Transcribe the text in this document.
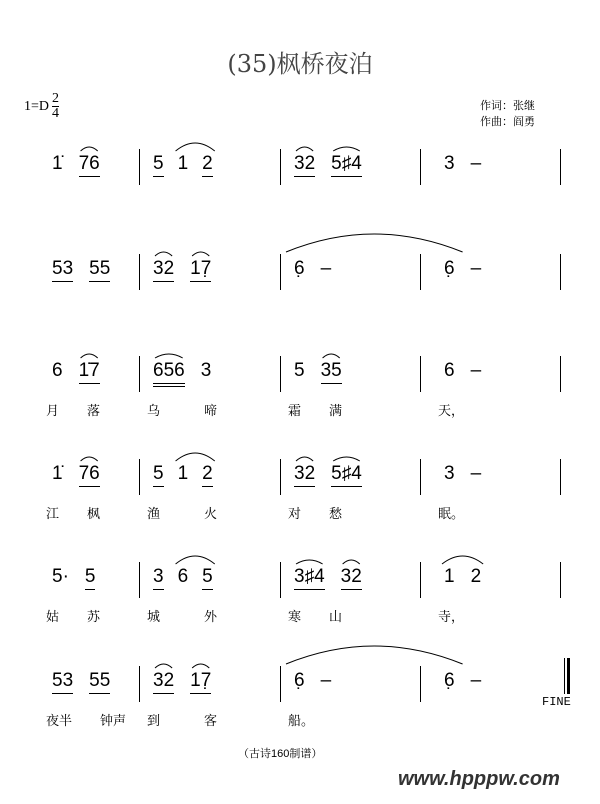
(35)枫桥夜泊
$1=D \frac{2}{4}$	作词：张继
作曲：阎勇
1̇ 76	5 1 2	32 5♯4	3 –
53 55 32 17̣	6̣ –	6̣ –
6 1̇7
月 落
656 3
乌	啼
5 35
霜 满
6 –
天，
1̇ 76
江 枫
5 1 2
渔	火
32 5♯4
对 愁
3 –
眠。
5· 5
姑 苏
3 6 5
城	外
3♯4 32
寒 山
1 2
寺，
53 55
夜半 钟声
32 17̣
到	客
6̣ –
船。
6̣ –
FINE
（古诗160制谱）
www.hpppw.com
